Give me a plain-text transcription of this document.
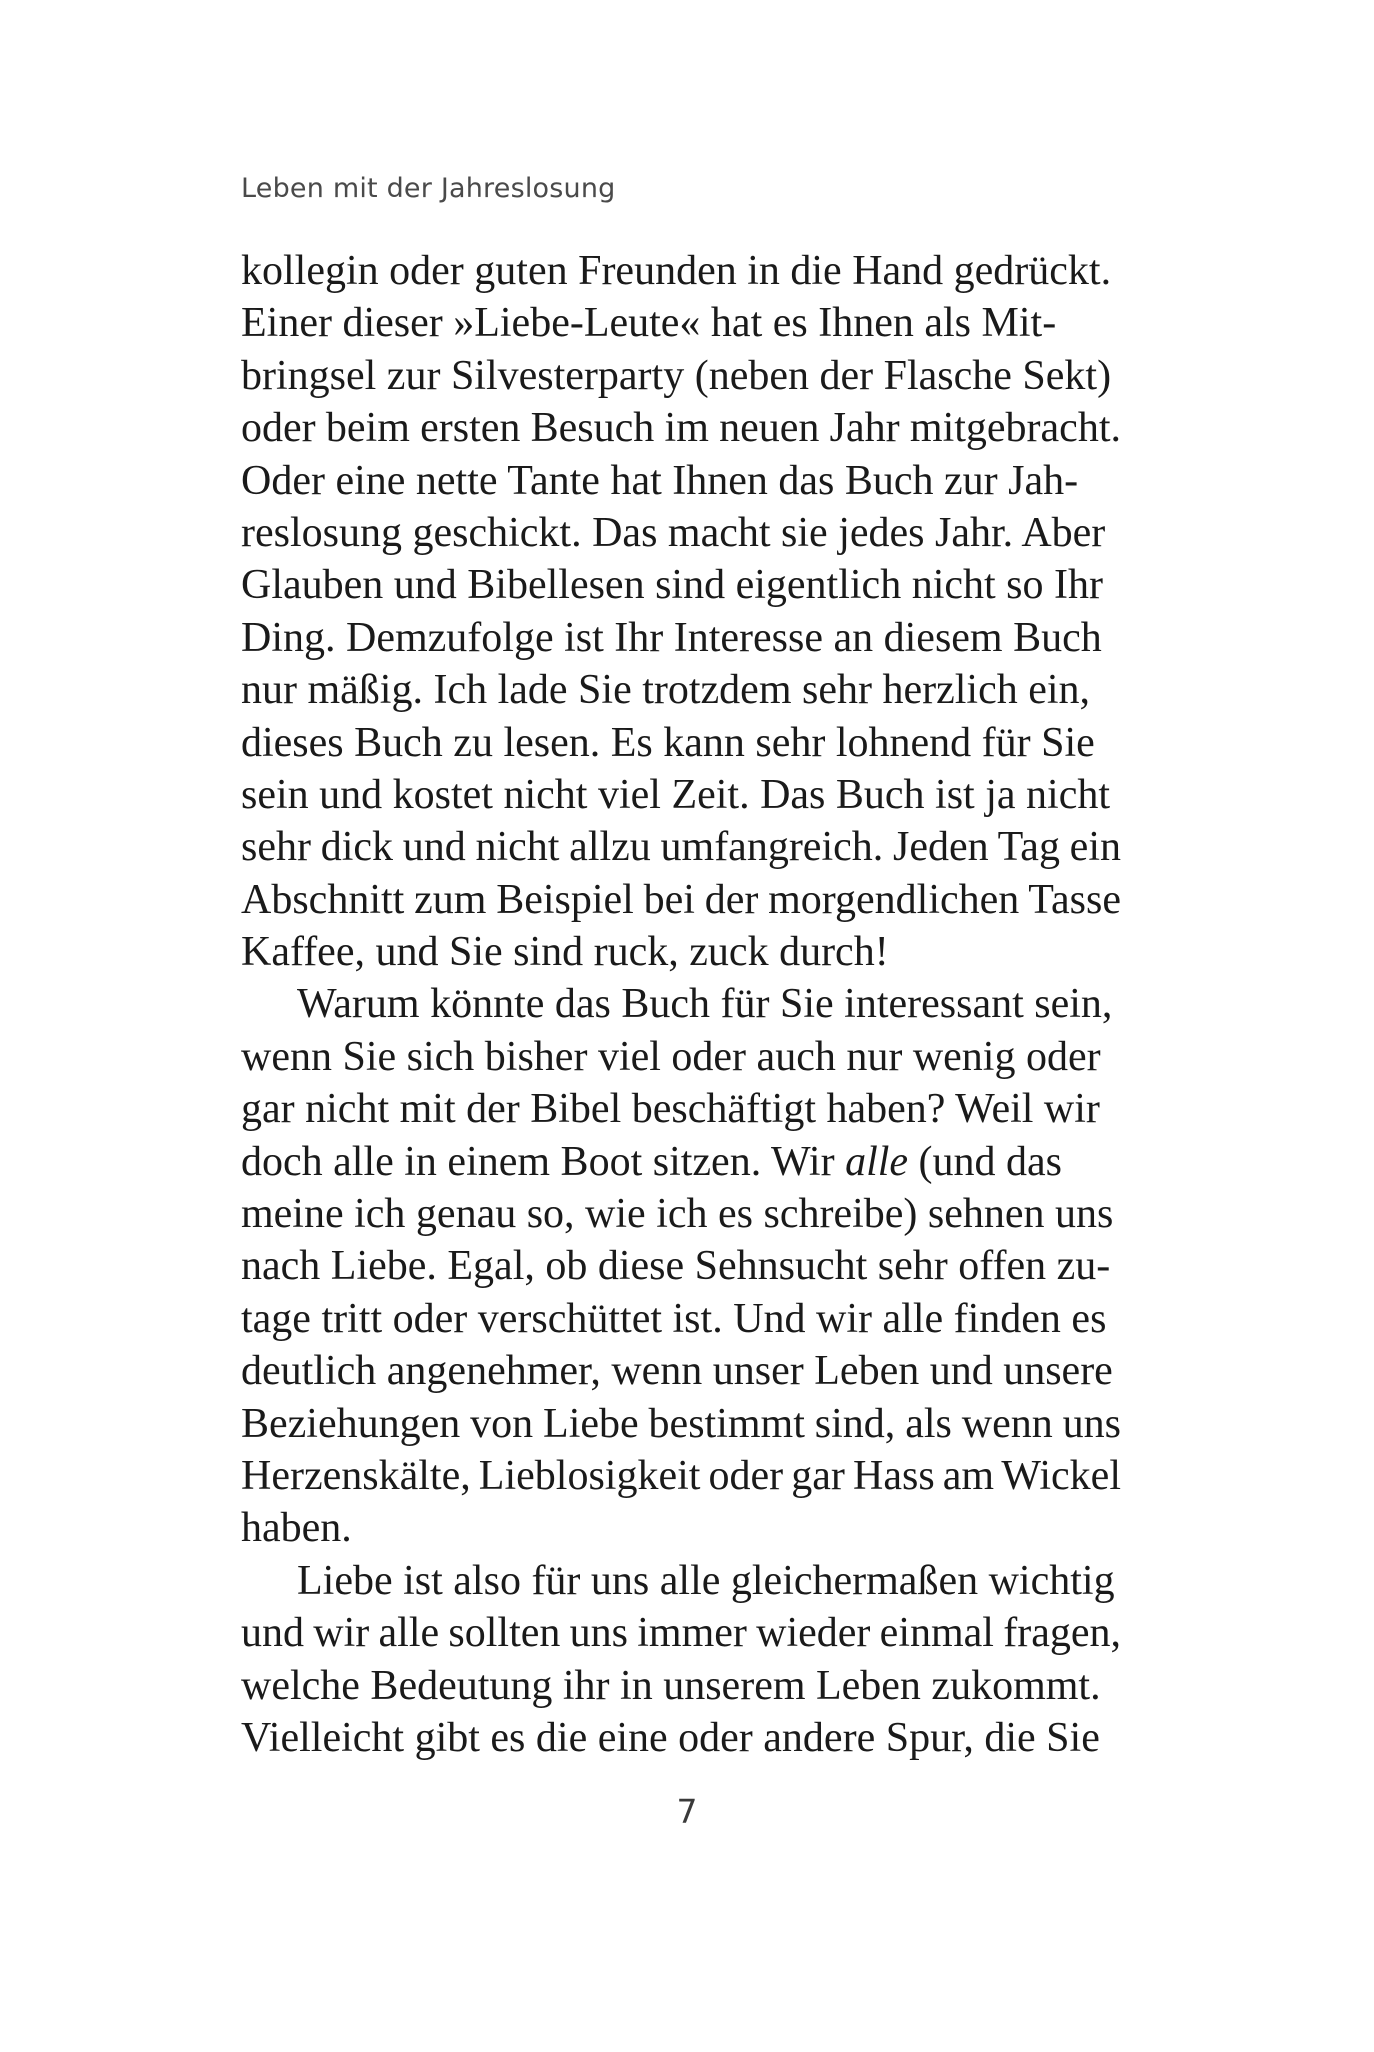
Leben mit der Jahreslosung
kollegin oder guten Freunden in die Hand gedrückt.
Einer dieser »Liebe-Leute« hat es Ihnen als Mit-
bringsel zur Silvesterparty (neben der Flasche Sekt)
oder beim ersten Besuch im neuen Jahr mitgebracht.
Oder eine nette Tante hat Ihnen das Buch zur Jah-
reslosung geschickt. Das macht sie jedes Jahr. Aber
Glauben und Bibellesen sind eigentlich nicht so Ihr
Ding. Demzufolge ist Ihr Interesse an diesem Buch
nur mäßig. Ich lade Sie trotzdem sehr herzlich ein,
dieses Buch zu lesen. Es kann sehr lohnend für Sie
sein und kostet nicht viel Zeit. Das Buch ist ja nicht
sehr dick und nicht allzu umfangreich. Jeden Tag ein
Abschnitt zum Beispiel bei der morgendlichen Tasse
Kaffee, und Sie sind ruck, zuck durch!
Warum könnte das Buch für Sie interessant sein,
wenn Sie sich bisher viel oder auch nur wenig oder
gar nicht mit der Bibel beschäftigt haben? Weil wir
doch alle in einem Boot sitzen. Wir alle (und das
meine ich genau so, wie ich es schreibe) sehnen uns
nach Liebe. Egal, ob diese Sehnsucht sehr offen zu-
tage tritt oder verschüttet ist. Und wir alle finden es
deutlich angenehmer, wenn unser Leben und unsere
Beziehungen von Liebe bestimmt sind, als wenn uns
Herzenskälte, Lieblosigkeit oder gar Hass am Wickel
haben.
Liebe ist also für uns alle gleichermaßen wichtig
und wir alle sollten uns immer wieder einmal fragen,
welche Bedeutung ihr in unserem Leben zukommt.
Vielleicht gibt es die eine oder andere Spur, die Sie
7
